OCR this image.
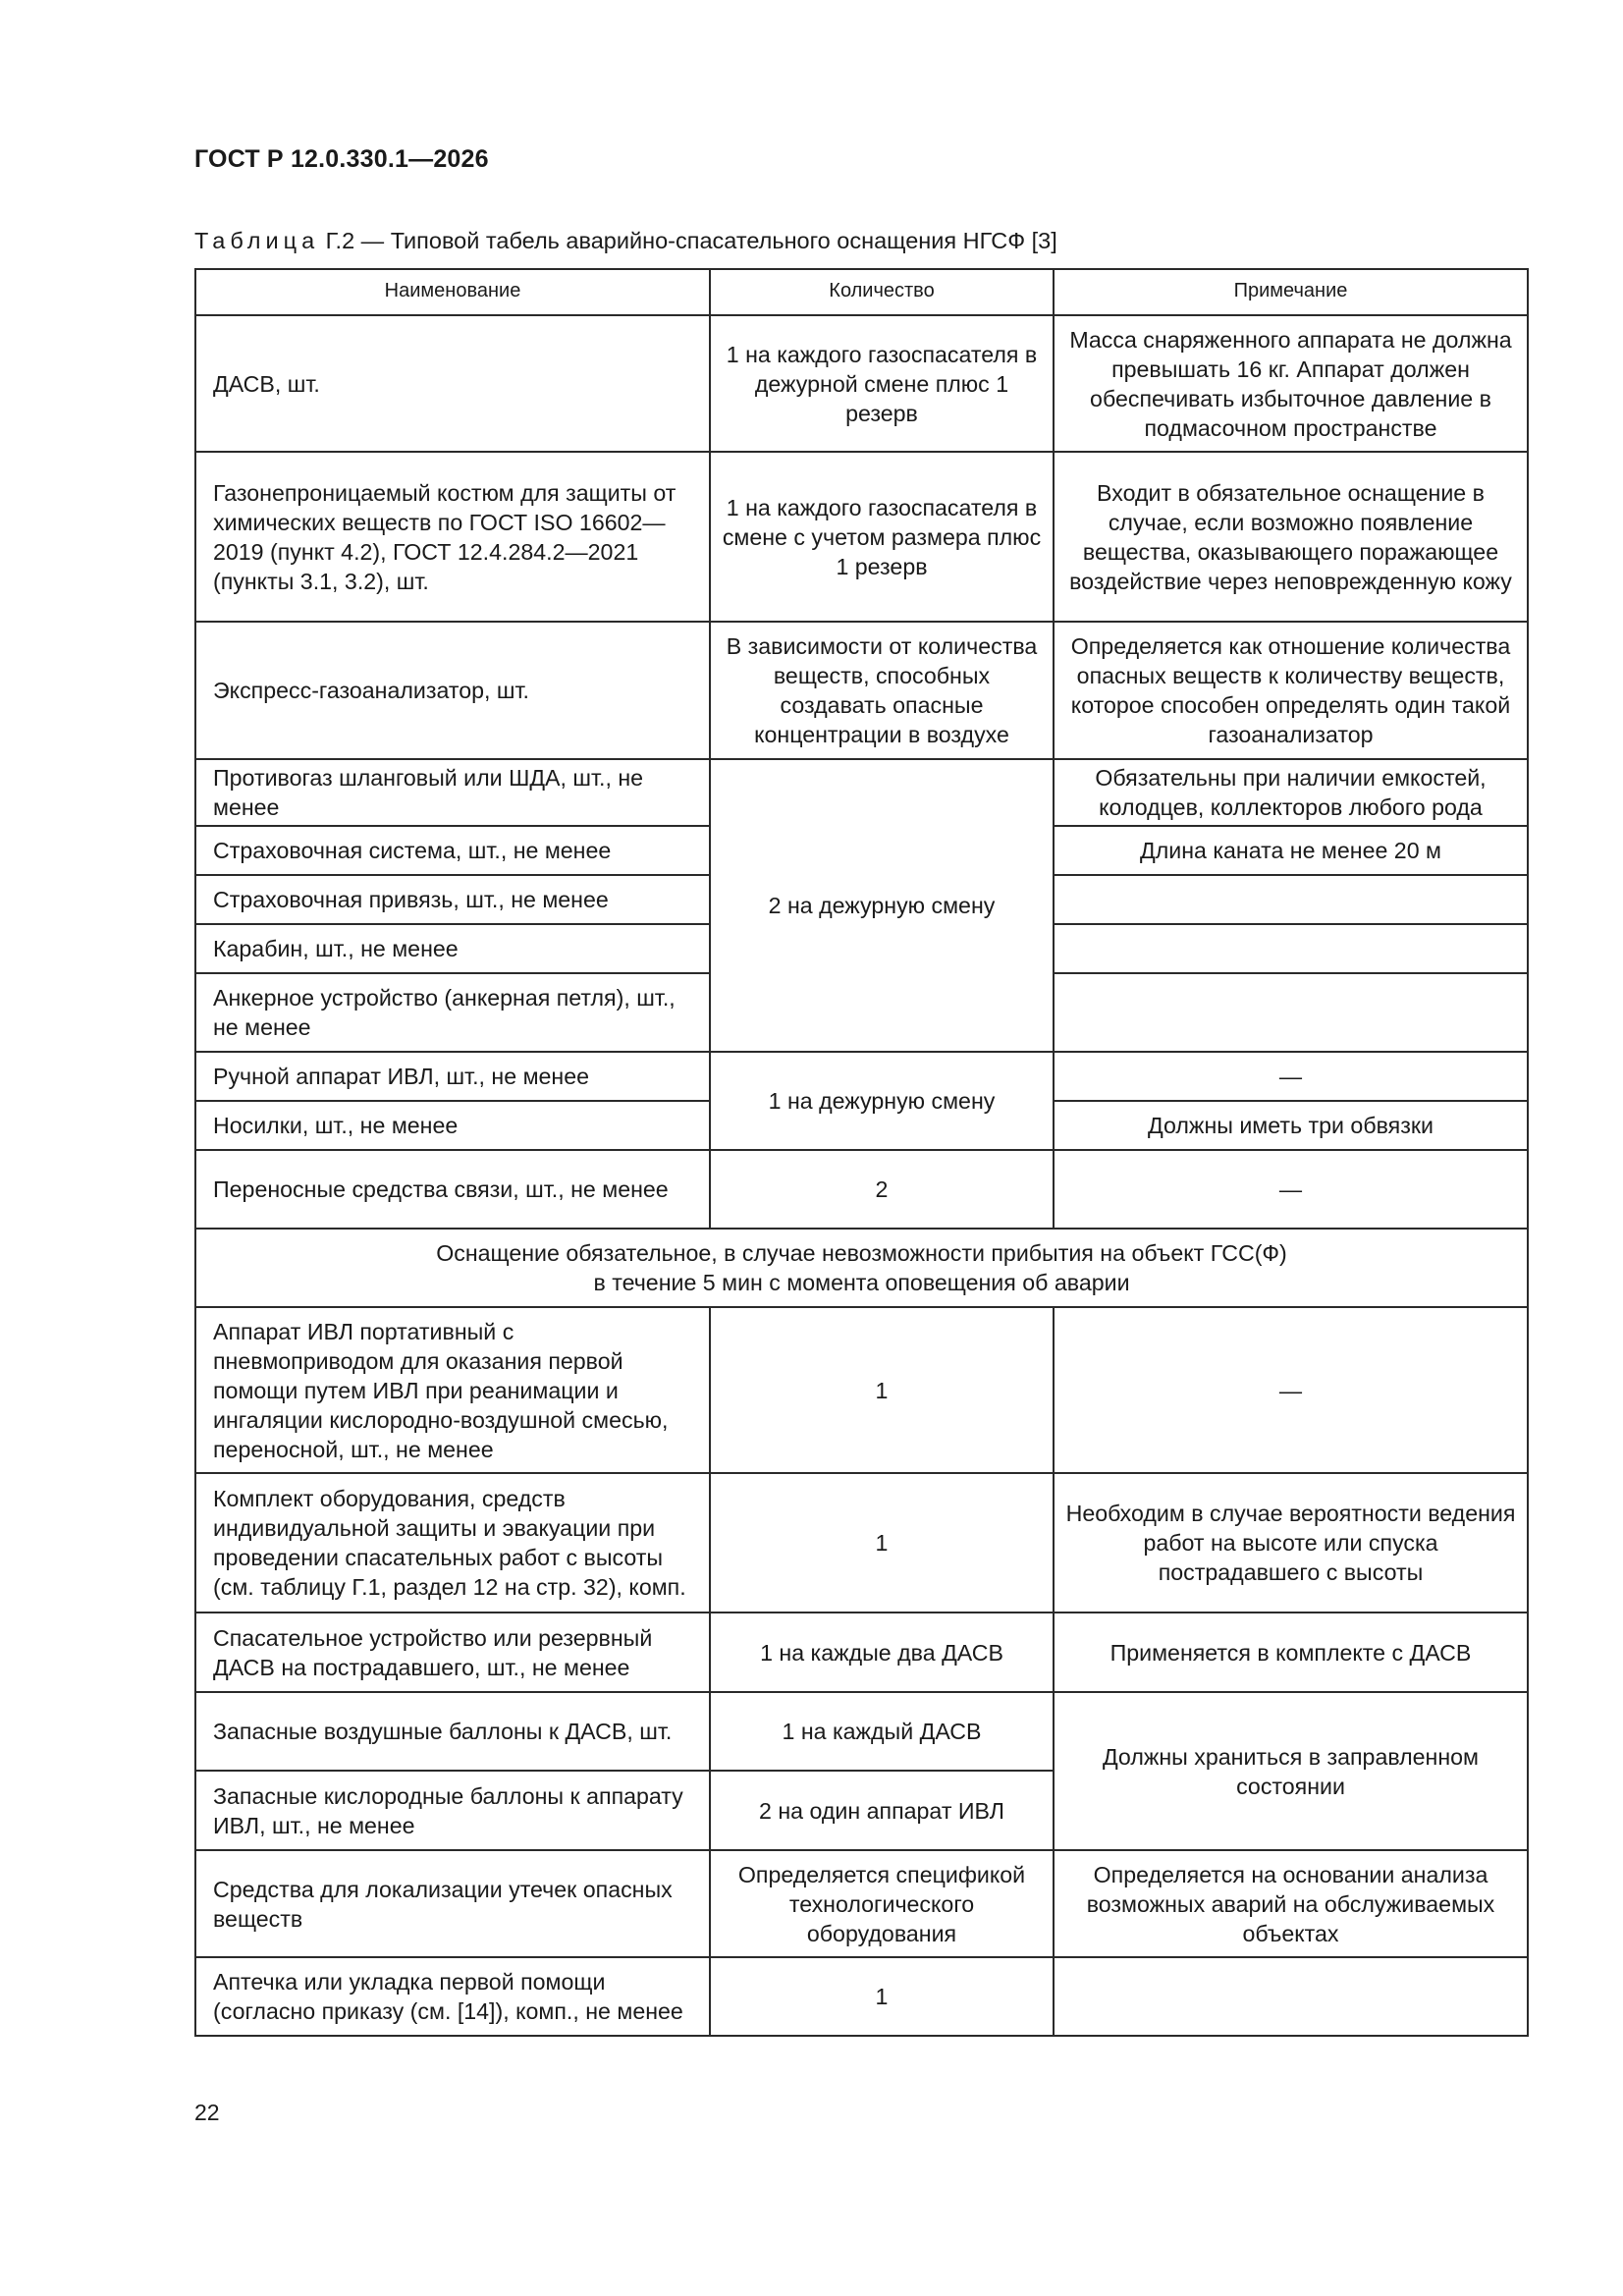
ГОСТ Р 12.0.330.1—2026
Таблица Г.2 — Типовой табель аварийно-спасательного оснащения НГСФ [3]
Наименование	Количество	Примечание

ДАСВ, шт.	1 на каждого газоспасателя в дежурной смене плюс 1 резерв	Масса снаряженного аппарата не должна превышать 16 кг. Аппарат должен обеспечивать избыточное давление в подмасочном пространстве
Газонепроницаемый костюм для защиты от химических веществ по ГОСТ ISO 16602—2019 (пункт 4.2), ГОСТ 12.4.284.2—2021 (пункты 3.1, 3.2), шт.	1 на каждого газоспасателя в смене с учетом размера плюс 1 резерв	Входит в обязательное оснащение в случае, если возможно появление вещества, оказывающего поражающее воздействие через неповрежденную кожу
Экспресс-газоанализатор, шт.	В зависимости от количества веществ, способных создавать опасные концентрации в воздухе	Определяется как отношение количества опасных веществ к количеству веществ, которое способен определять один такой газоанализатор
Противогаз шланговый или ШДА, шт., не менее	2 на дежурную смену	Обязательны при наличии емкостей, колодцев, коллекторов любого рода
Страховочная система, шт., не менее		Длина каната не менее 20 м
Страховочная привязь, шт., не менее		
Карабин, шт., не менее		
Анкерное устройство (анкерная петля), шт., не менее		
Ручной аппарат ИВЛ, шт., не менее	1 на дежурную смену	—
Носилки, шт., не менее		Должны иметь три обвязки
Переносные средства связи, шт., не менее	2	—

Оснащение обязательное, в случае невозможности прибытия на объект ГСС(Ф)
в течение 5 мин с момента оповещения об аварии		

Аппарат ИВЛ портативный с пневмоприводом для оказания первой помощи путем ИВЛ при реанимации и ингаляции кислородно-воздушной смесью, переносной, шт., не менее	1	—
Комплект оборудования, средств индивидуальной защиты и эвакуации при проведении спасательных работ с высоты (см. таблицу Г.1, раздел 12 на стр. 32), комп.	1	Необходим в случае вероятности ведения работ на высоте или спуска пострадавшего с высоты
Спасательное устройство или резервный ДАСВ на пострадавшего, шт., не менее	1 на каждые два ДАСВ	Применяется в комплекте с ДАСВ
Запасные воздушные баллоны к ДАСВ, шт.	1 на каждый ДАСВ	Должны храниться в заправленном состоянии
Запасные кислородные баллоны к аппарату ИВЛ, шт., не менее	2 на один аппарат ИВЛ	
Средства для локализации утечек опасных веществ	Определяется спецификой технологического оборудования	Определяется на основании анализа возможных аварий на обслуживаемых объектах
Аптечка или укладка первой помощи (согласно приказу (см. [14]), комп., не менее	1	
22
